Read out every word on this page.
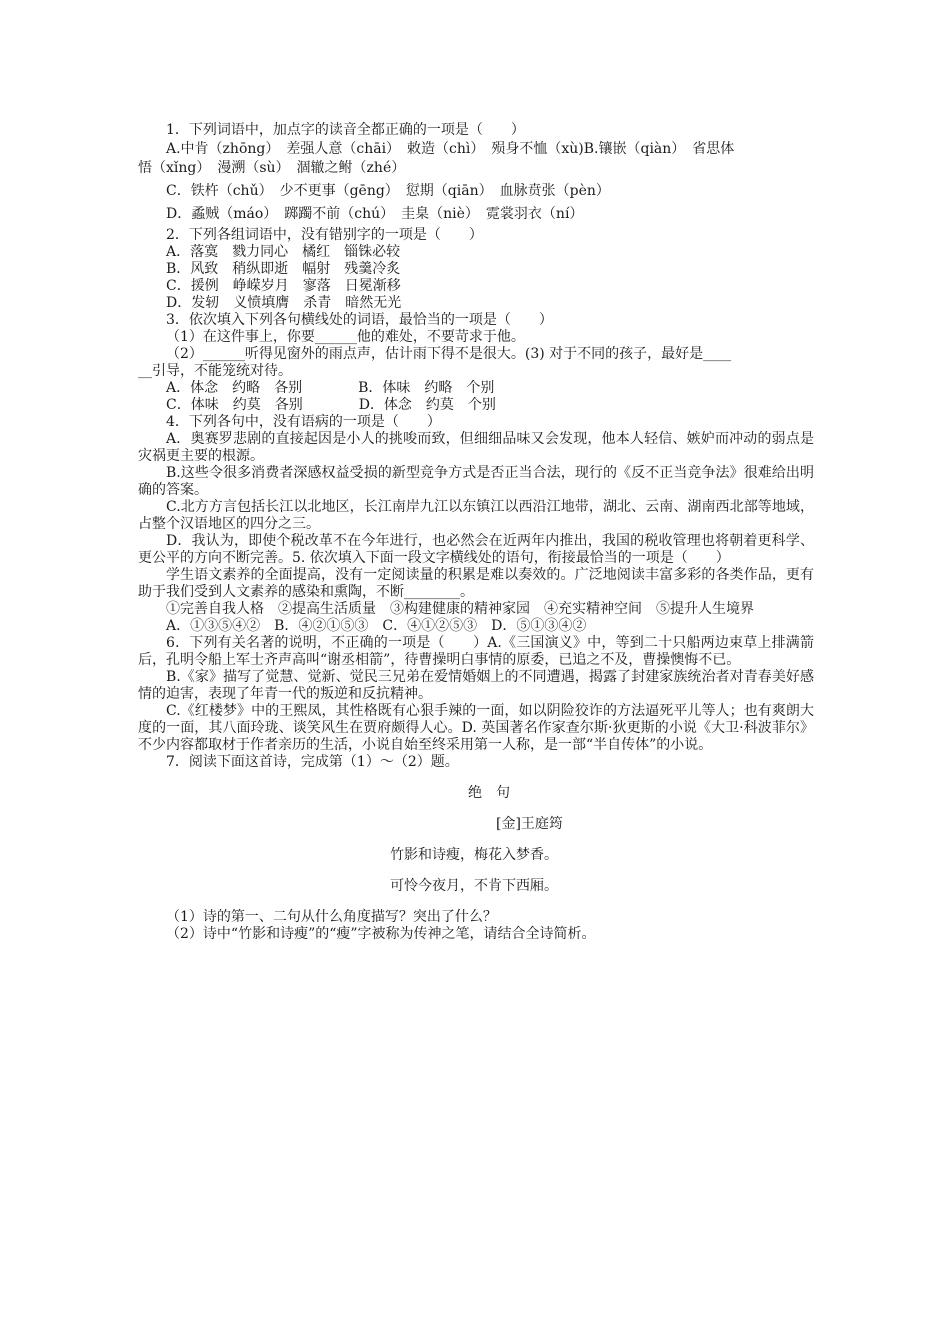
1．下列词语中，加点字的读音全都正确的一项是（　　）

A.中肯（zhōng）　差强人意（chāi）　敕造（chì）　殒身不恤（xù)B.镶嵌（qiàn）　省思体

悟（xǐng）　漫溯（sù）　涸辙之鲋（zhé）

C．铁杵（chǔ）　少不更事（gēng）　愆期（qiān）　血脉贲张（pèn）

D．蟊贼（máo）　踯躅不前（chú）　圭臬（niè）　霓裳羽衣（ní）

2．下列各组词语中，没有错别字的一项是（　　）

A．落寞　戮力同心　橘红　锱铢必较

B．风致　稍纵即逝　幅射　残羹冷炙

C．援例　峥嵘岁月　寥落　日冕渐移

D．发轫　义愤填膺　杀青　暗然无光

3．依次填入下列各句横线处的词语，最恰当的一项是（　　）

（1）在这件事上，你要______他的难处，不要苛求于他。

（2）______听得见窗外的雨点声，估计雨下得不是很大。(3) 对于不同的孩子，最好是____

__引导，不能笼统对待。

A．体念　约略　各别　　　　B．体味　约略　个别

C．体味　约莫　各别　　　　D．体念　约莫　个别

4．下列各句中，没有语病的一项是（　　）

A．奥赛罗悲剧的直接起因是小人的挑唆而致，但细细品味又会发现，他本人轻信、嫉妒而冲动的弱点是灾祸更主要的根源。

B.这些令很多消费者深感权益受损的新型竞争方式是否正当合法，现行的《反不正当竞争法》很难给出明确的答案。

C.北方方言包括长江以北地区，长江南岸九江以东镇江以西沿江地带，湖北、云南、湖南西北部等地域，占整个汉语地区的四分之三。

D．我认为，即使个税改革不在今年进行，也必然会在近两年内推出，我国的税收管理也将朝着更科学、更公平的方向不断完善。5. 依次填入下面一段文字横线处的语句，衔接最恰当的一项是（　　）

学生语文素养的全面提高，没有一定阅读量的积累是难以奏效的。广泛地阅读丰富多彩的各类作品，更有助于我们受到人文素养的感染和熏陶，不断________。

①完善自我人格　②提高生活质量　③构建健康的精神家园　④充实精神空间　⑤提升人生境界

A．①③⑤④②　B．④②①⑤③　C．④①②⑤③　D．⑤①③④②

6．下列有关名著的说明，不正确的一项是（　　）A.《三国演义》中，等到二十只船两边束草上排满箭后，孔明令船上军士齐声高叫“谢丞相箭”，待曹操明白事情的原委，已追之不及，曹操懊悔不已。

B.《家》描写了觉慧、觉新、觉民三兄弟在爱情婚姻上的不同遭遇，揭露了封建家族统治者对青春美好感情的迫害，表现了年青一代的叛逆和反抗精神。

C.《红楼梦》中的王熙凤，其性格既有心狠手辣的一面，如以阴险狡诈的方法逼死平儿等人；也有爽朗大度的一面，其八面玲珑、谈笑风生在贾府颇得人心。D. 英国著名作家查尔斯·狄更斯的小说《大卫·科波菲尔》不少内容都取材于作者亲历的生活，小说自始至终采用第一人称，是一部“半自传体”的小说。

7．阅读下面这首诗，完成第（1）～（2）题。

绝　句

[金]王庭筠

竹影和诗瘦，梅花入梦香。

可怜今夜月，不肯下西厢。

（1）诗的第一、二句从什么角度描写？突出了什么？

（2）诗中“竹影和诗瘦”的“瘦”字被称为传神之笔，请结合全诗简析。
